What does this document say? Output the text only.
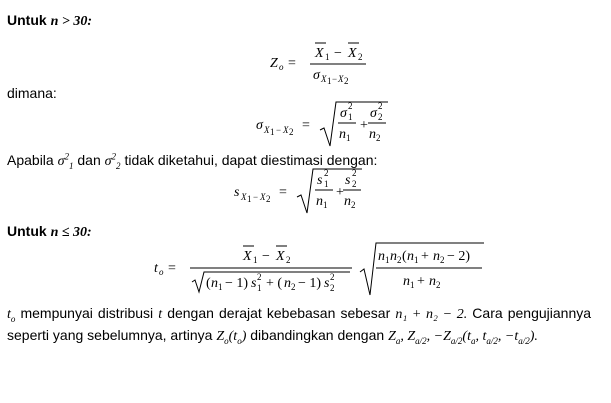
Untuk n > 30:
Z o =
X 1 − X 2
σ X 1 − X 2
dimana:
σ X 1 − X 2 =
σ 2
1
n 1
+
σ 2
2
n 2
Apabila $\sigma^2_1$ dan $\sigma^2_2$ tidak diketahui, dapat diestimasi dengan:
s X 1 − X 2 =
s 2
1
n 1
+
s 2
2
n 2
Untuk n ≤ 30:
t o =
X 1 − X 2
( n 1 − 1) s 2
1 + ( n 2 − 1) s 2
2
n 1 n 2 ( n 1 + n 2 − 2)
n 1 + n 2
$t_o$ mempunyai distribusi t dengan derajat kebebasan sebesar n₁ + n₂ − 2. Cara pengujiannya seperti yang sebelumnya, artinya $Z_o(t_o)$ dibandingkan dengan $Z_a$, $Z_{a/2}$, $-Z_{a/2}(t_a$, $t_{a/2}$, $-t_{a/2}$).
